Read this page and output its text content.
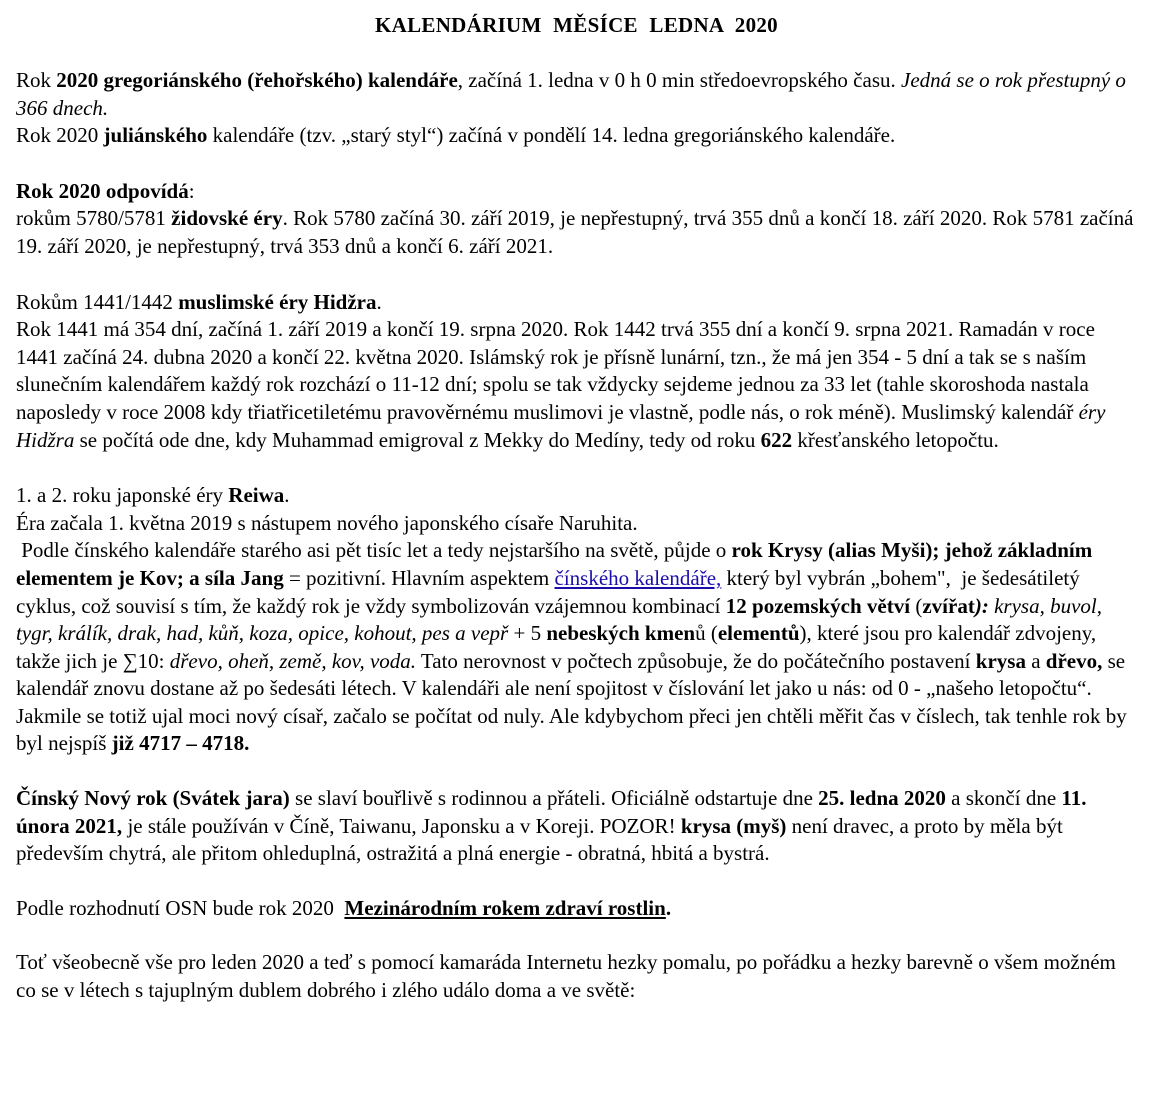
KALENDÁRIUM MĚSÍCE LEDNA 2020

Rok 2020 gregoriánského (řehořského) kalendáře, začíná 1. ledna v 0 h 0 min středoevropského času. Jedná se o rok přestupný o 366 dnech.

Rok 2020 juliánského kalendáře (tzv. „starý styl“) začíná v pondělí 14. ledna gregoriánského kalendáře.

Rok 2020 odpovídá:

rokům 5780/5781 židovské éry. Rok 5780 začíná 30. září 2019, je nepřestupný, trvá 355 dnů a končí 18. září 2020. Rok 5781 začíná 19. září 2020, je nepřestupný, trvá 353 dnů a končí 6. září 2021.

Rokům 1441/1442 muslimské éry Hidžra.

Rok 1441 má 354 dní, začíná 1. září 2019 a končí 19. srpna 2020. Rok 1442 trvá 355 dní a končí 9. srpna 2021. Ramadán v roce 1441 začíná 24. dubna 2020 a končí 22. května 2020. Islámský rok je přísně lunární, tzn., že má jen 354 - 5 dní a tak se s naším slunečním kalendářem každý rok rozchází o 11-12 dní; spolu se tak vždycky sejdeme jednou za 33 let (tahle skoroshoda nastala naposledy v roce 2008 kdy třiatřicetiletému pravověrnému muslimovi je vlastně, podle nás, o rok méně). Muslimský kalendář éry Hidžra se počítá ode dne, kdy Muhammad emigroval z Mekky do Medíny, tedy od roku 622 křesťanského letopočtu.

1. a 2. roku japonské éry Reiwa.

Éra začala 1. května 2019 s nástupem nového japonského císaře Naruhita.

Podle čínského kalendáře starého asi pět tisíc let a tedy nejstaršího na světě, půjde o rok Krysy (alias Myši); jehož základním elementem je Kov; a síla Jang = pozitivní. Hlavním aspektem čínského kalendáře, který byl vybrán „bohem",  je šedesátiletý cyklus, což souvisí s tím, že každý rok je vždy symbolizován vzájemnou kombinací 12 pozemských větví (zvířat): krysa, buvol, tygr, králík, drak, had, kůň, koza, opice, kohout, pes a vepř + 5 nebeských kmenů (elementů), které jsou pro kalendář zdvojeny, takže jich je ∑10: dřevo, oheň, země, kov, voda. Tato nerovnost v počtech způsobuje, že do počátečního postavení krysa a dřevo, se kalendář znovu dostane až po šedesáti létech. V kalendáři ale není spojitost v číslování let jako u nás: od 0 - „našeho letopočtu“. Jakmile se totiž ujal moci nový císař, začalo se počítat od nuly. Ale kdybychom přeci jen chtěli měřit čas v číslech, tak tenhle rok by byl nejspíš již 4717 – 4718.

Čínský Nový rok (Svátek jara) se slaví bouřlivě s rodinnou a přáteli. Oficiálně odstartuje dne 25. ledna 2020 a skončí dne 11. února 2021, je stále používán v Číně, Taiwanu, Japonsku a v Koreji. POZOR! krysa (myš) není dravec, a proto by měla být především chytrá, ale přitom ohleduplná, ostražitá a plná energie - obratná, hbitá a bystrá.

Podle rozhodnutí OSN bude rok 2020  Mezinárodním rokem zdraví rostlin.

Toť všeobecně vše pro leden 2020 a teď s pomocí kamaráda Internetu hezky pomalu, po pořádku a hezky barevně o všem možném co se v létech s tajuplným dublem dobrého i zlého událo doma a ve světě:
